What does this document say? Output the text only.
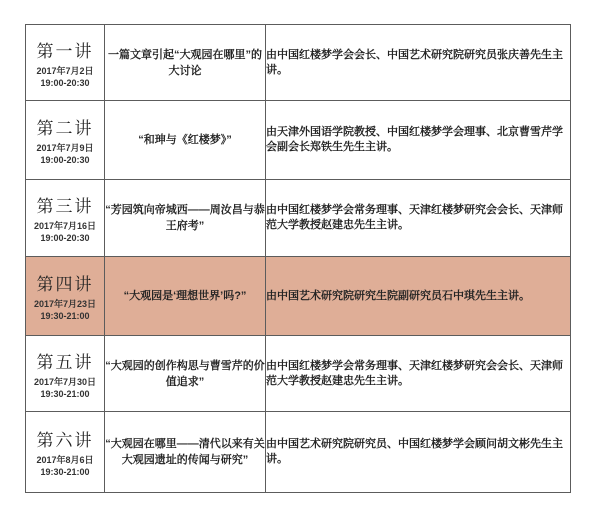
第一讲
2017年7月2日
19:00-20:30	一篇文章引起“大观园在哪里”的大讨论	由中国红楼梦学会会长、中国艺术研究院研究员张庆善先生主讲。

第二讲
2017年7月9日
19:00-20:30	“和珅与《红楼梦》”	由天津外国语学院教授、中国红楼梦学会理事、北京曹雪芹学会副会长郑铁生先生主讲。

第三讲
2017年7月16日
19:00-20:30	“芳园筑向帝城西——周汝昌与恭王府考”	由中国红楼梦学会常务理事、天津红楼梦研究会会长、天津师范大学教授赵建忠先生主讲。

第四讲
2017年7月23日
19:30-21:00	“大观园是‘理想世界’吗?”	由中国艺术研究院研究生院副研究员石中琪先生主讲。

第五讲
2017年7月30日
19:30-21:00	“大观园的创作构思与曹雪芹的价值追求”	由中国红楼梦学会常务理事、天津红楼梦研究会会长、天津师范大学教授赵建忠先生主讲。

第六讲
2017年8月6日
19:30-21:00	“大观园在哪里——清代以来有关大观园遗址的传闻与研究”	由中国艺术研究院研究员、中国红楼梦学会顾问胡文彬先生主讲。
